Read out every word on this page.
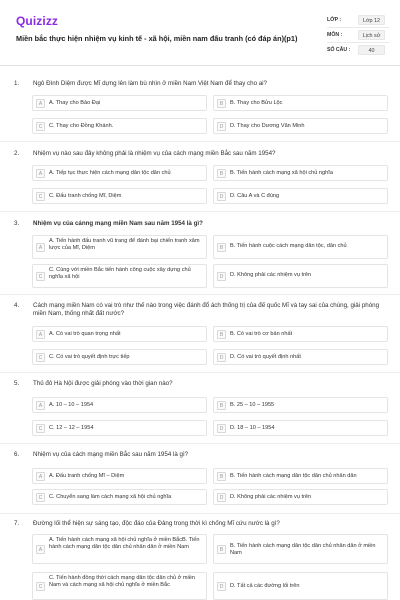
Quizizz
Miền bắc thực hiện nhiệm vụ kinh tế - xã hội, miền nam đấu tranh (có đáp án)(p1)
LỚP :	Lớp 12
MÔN :	Lịch sử
SỐ CÂU :	40
1. Ngô Đình Diệm được Mĩ dựng lên làm bù nhìn ở miền Nam Việt Nam để thay cho ai?
A	A. Thay cho Bảo Đại	B	B. Thay cho Bửu Lộc
C	C. Thay cho Đồng Khánh.	D	D. Thay cho Dương Văn Minh
2. Nhiệm vụ nào sau đây không phải là nhiệm vụ của cách mạng miền Bắc sau năm 1954?
A	A. Tiếp tục thực hiện cách mạng dân tộc dân chủ	B	B. Tiến hành cách mạng xã hội chủ nghĩa
C	C. Đấu tranh chống Mĩ, Diệm	D	D. Câu A và C đúng
3. Nhiệm vụ của cánng mạng miền Nam sau năm 1954 là gì?
A
A. Tiến hành đấu tranh vũ trang để đánh bại chiến tranh xâm lược của Mĩ, Diệm	B	B. Tiến hành cuộc cách mạng dân tộc, dân chủ
C
C. Cùng với miền Bắc tiến hành công cuộc xây dựng chủ nghĩa xã hội	D	D. Không phải các nhiệm vụ trên
4. Cách mạng miền Nam có vai trò như thế nào trong việc đánh đổ ách thống trị của đế quốc Mĩ và tay sai của chúng, giải phóng miền Nam, thống nhất đất nước?
A	A. Có vai trò quan trọng nhất	B	B. Có vai trò cơ bản nhất
C	C. Có vai trò quyết định trực tiếp	D	D. Có vai trò quyết định nhất
5. Thủ đô Hà Nội được giải phóng vào thời gian nào?
A	A. 10 – 10 – 1954	B	B. 25 – 10 – 1955
C	C. 12 – 12 – 1954	D	D. 18 – 10 – 1954
6. Nhiệm vụ của cách mạng miền Bắc sau năm 1954 là gì?
A	A. Đấu tranh chống Mĩ – Diệm	B	B. Tiến hành cách mạng dân tộc dân chủ nhân dân
C	C. Chuyển sang làm cách mạng xã hội chủ nghĩa	D	D. Không phải các nhiệm vụ trên
7. Đường lối thể hiện sự sáng tạo, độc đáo của Đảng trong thời kì chống Mĩ cứu nước là gì?
A
A. Tiến hành cách mạng xã hội chủ nghĩa ở miền BắcB. Tiến hành cách mạng dân tộc dân chủ nhân dân ở miền Nam
B
B. Tiến hành cách mạng dân tộc dân chủ nhân dân ở miền Nam
C
C. Tiến hành đồng thời cách mạng dân tộc dân chủ ở miền Nam và cách mạng xã hội chủ nghĩa ở miền Bắc	D	D. Tất cả các đường lối trên
